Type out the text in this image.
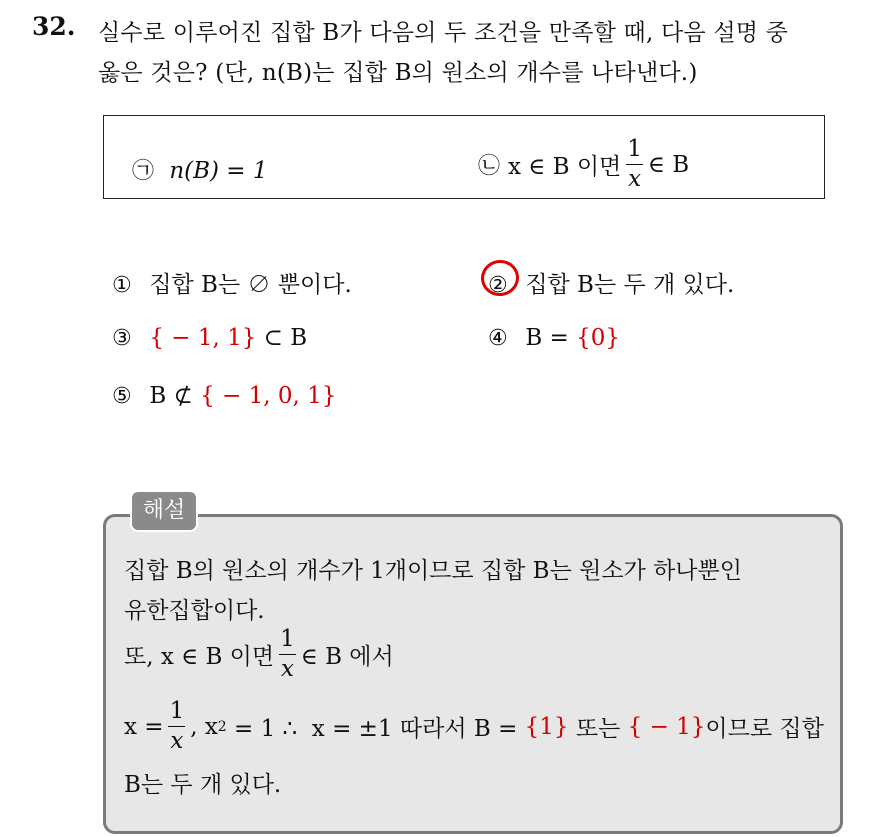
32. 실수로 이루어진 집합 B가 다음의 두 조건을 만족할 때, 다음 설명 중
옳은 것은? (단, n(B)는 집합 B의 원소의 개수를 나타낸다.)
㉠ n(B) = 1	㉡ x ∈ B 이면 $\frac{1}{x}$ ∈ B
① 집합 B는 ∅ 뿐이다.	② 집합 B는 두 개 있다.
③ { − 1, 1} ⊂ B	④ B = {0}
⑤ B ⊄ { − 1, 0, 1}
해설
집합 B의 원소의 개수가 1개이므로 집합 B는 원소가 하나뿐인
유한집합이다.
또, x ∈ B 이면 $\frac{1}{x}$ ∈ B 에서
$x = \frac{1}{x}$ , x 2 = 1 ∴  x = ±1 따라서 B = {1} 또는 { − 1} 이므로 집합
B는 두 개 있다.
